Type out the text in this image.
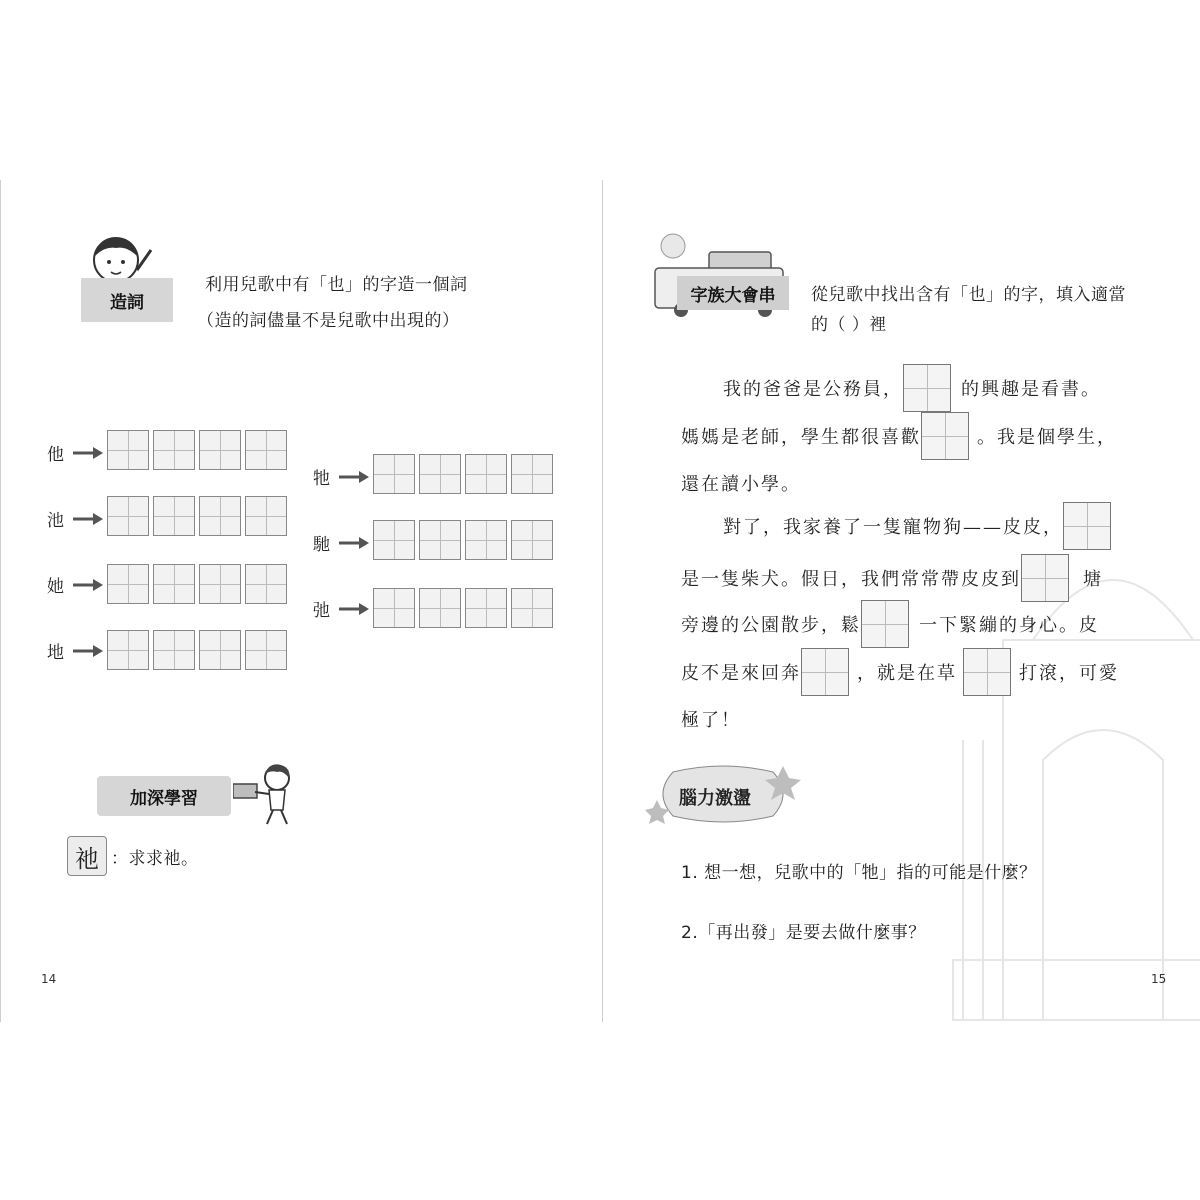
造詞
利用兒歌中有「也」的字造一個詞
（造的詞儘量不是兒歌中出現的）
他
池
她
地
牠
馳
弛
加深學習
祂 ：求求祂。
14
字族大會串 從兒歌中找出含有「也」的字，填入適當
的（ ）裡
我的爸爸是公務員，	的興趣是看書。
媽媽是老師，學生都很喜歡	。我是個學生，
還在讀小學。
對了，我家養了一隻寵物狗——皮皮，
是一隻柴犬。假日，我們常常帶皮皮到	塘
旁邊的公園散步，鬆	一下緊繃的身心。皮
皮不是來回奔	，就是在草	打滾，可愛
極了！
腦力激盪
1. 想一想，兒歌中的「牠」指的可能是什麼？
2.「再出發」是要去做什麼事？
15
